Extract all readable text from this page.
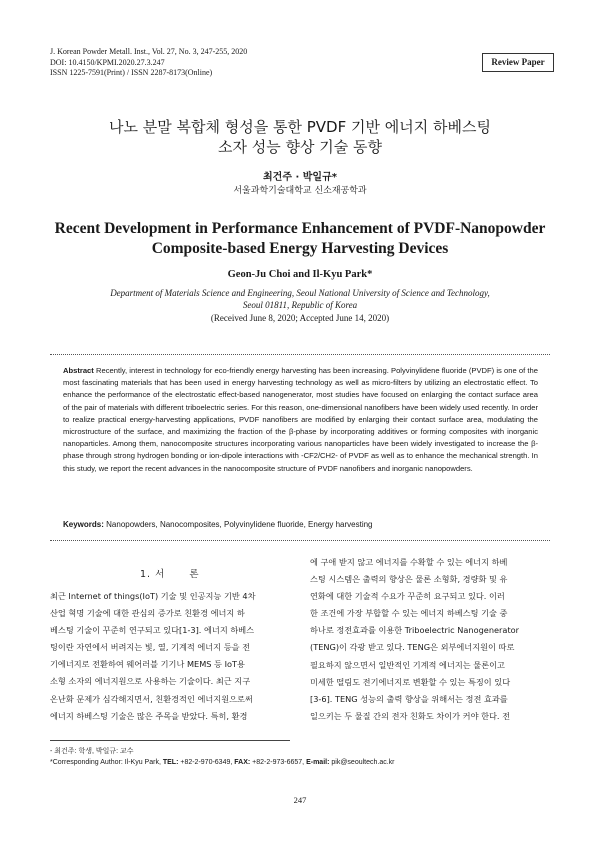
J. Korean Powder Metall. Inst., Vol. 27, No. 3, 247-255, 2020
DOI: 10.4150/KPMI.2020.27.3.247
ISSN 1225-7591(Print) / ISSN 2287-8173(Online)
Review Paper
나노 분말 복합체 형성을 통한 PVDF 기반 에너지 하베스팅
소자 성능 향상 기술 동향
최건주 · 박일규*
서울과학기술대학교 신소재공학과
Recent Development in Performance Enhancement of PVDF-Nanopowder
Composite-based Energy Harvesting Devices
Geon-Ju Choi and Il-Kyu Park*
Department of Materials Science and Engineering, Seoul National University of Science and Technology,
Seoul 01811, Republic of Korea
(Received June 8, 2020; Accepted June 14, 2020)
Abstract Recently, interest in technology for eco-friendly energy harvesting has been increasing. Polyvinylidene fluoride (PVDF) is one of the most fascinating materials that has been used in energy harvesting technology as well as micro-filters by utilizing an electrostatic effect. To enhance the performance of the electrostatic effect-based nanogenerator, most studies have focused on enlarging the contact surface area of the pair of materials with different triboelectric series. For this reason, one-dimensional nanofibers have been widely used recently. In order to realize practical energy-harvesting applications, PVDF nanofibers are modified by enlarging their contact surface area, modulating the microstructure of the surface, and maximizing the fraction of the β-phase by incorporating additives or forming composites with inorganic nanoparticles. Among them, nanocomposite structures incorporating various nanoparticles have been widely investigated to increase the β-phase through strong hydrogen bonding or ion-dipole interactions with -CF2/CH2- of PVDF as well as to enhance the mechanical strength. In this study, we report the recent advances in the nanocomposite structure of PVDF nanofibers and inorganic nanopowders.
Keywords: Nanopowders, Nanocomposites, Polyvinylidene fluoride, Energy harvesting
1. 서      론
최근 Internet of things(IoT) 기술 및 인공지능 기반 4차
산업 혁명 기술에 대한 관심의 증가로 친환경 에너지 하
베스팅 기술이 꾸준히 연구되고 있다[1-3]. 에너지 하베스
팅이란 자연에서 버려지는 빛, 열, 기계적 에너지 등을 전
기에너지로 전환하여 웨어러블 기기나 MEMS 등 IoT용
소형 소자의 에너지원으로 사용하는 기술이다. 최근 지구
온난화 문제가 심각해지면서, 친환경적인 에너지원으로써
에너지 하베스팅 기술은 많은 주목을 받았다. 특히, 환경
에 구애 받지 않고 에너지를 수확할 수 있는 에너지 하베
스팅 시스템은 출력의 향상은 물론 소형화, 경량화 및 유
연화에 대한 기술적 수요가 꾸준히 요구되고 있다. 이러
한 조건에 가장 부합할 수 있는 에너지 하베스팅 기술 중
하나로 정전효과를 이용한 Triboelectric Nanogenerator
(TENG)이 각광 받고 있다. TENG은 외부에너지원이 따로
필요하지 않으면서 일반적인 기계적 에너지는 물론이고
미세한 떨림도 전기에너지로 변환할 수 있는 특징이 있다
[3-6]. TENG 성능의 출력 향상을 위해서는 정전 효과를
일으키는 두 물질 간의 전자 친화도 차이가 커야 한다. 전
- 최건주: 학생, 박일규: 교수
*Corresponding Author: Il-Kyu Park, TEL: +82-2-970-6349, FAX: +82-2-973-6657, E-mail: pik@seoultech.ac.kr
247
